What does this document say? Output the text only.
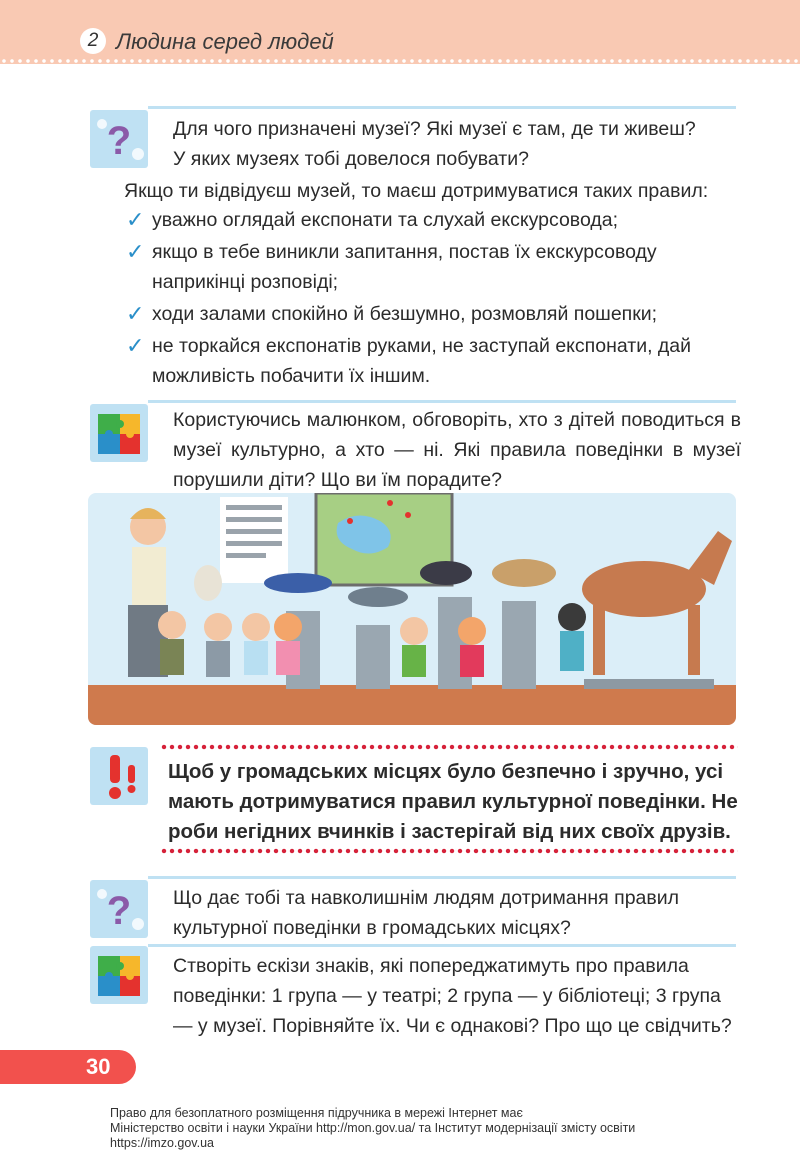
2 Людина серед людей
? Для чого призначені музеї? Які музеї є там, де ти живеш?
У яких музеях тобі довелося побувати?
Якщо ти відвідуєш музей, то маєш дотримуватися таких правил:
✓ уважно оглядай експонати та слухай екскурсовода;
✓ якщо в тебе виникли запитання, постав їх екскурсоводу наприкінці розповіді;
✓ ходи залами спокійно й безшумно, розмовляй пошепки;
✓ не торкайся експонатів руками, не заступай експонати, дай можливість побачити їх іншим.
Користуючись малюнком, обговоріть, хто з дітей поводиться в музеї культурно, а хто — ні. Які правила поведінки в музеї порушили діти? Що ви їм порадите?
Щоб у громадських місцях було безпечно і зручно, усі мають дотримуватися правил культурної поведінки. Не роби негідних вчинків і застерігай від них своїх друзів.
? Що дає тобі та навколишнім людям дотримання правил культурної поведінки в громадських місцях?
Створіть ескізи знаків, які попереджатимуть про правила поведінки: 1 група — у театрі; 2 група — у бібліотеці; 3 група — у музеї. Порівняйте їх. Чи є однакові? Про що це свідчить?
30
Право для безоплатного розміщення підручника в мережі Інтернет має
Міністерство освіти і науки України http://mon.gov.ua/ та Інститут модернізації змісту освіти https://imzo.gov.ua
